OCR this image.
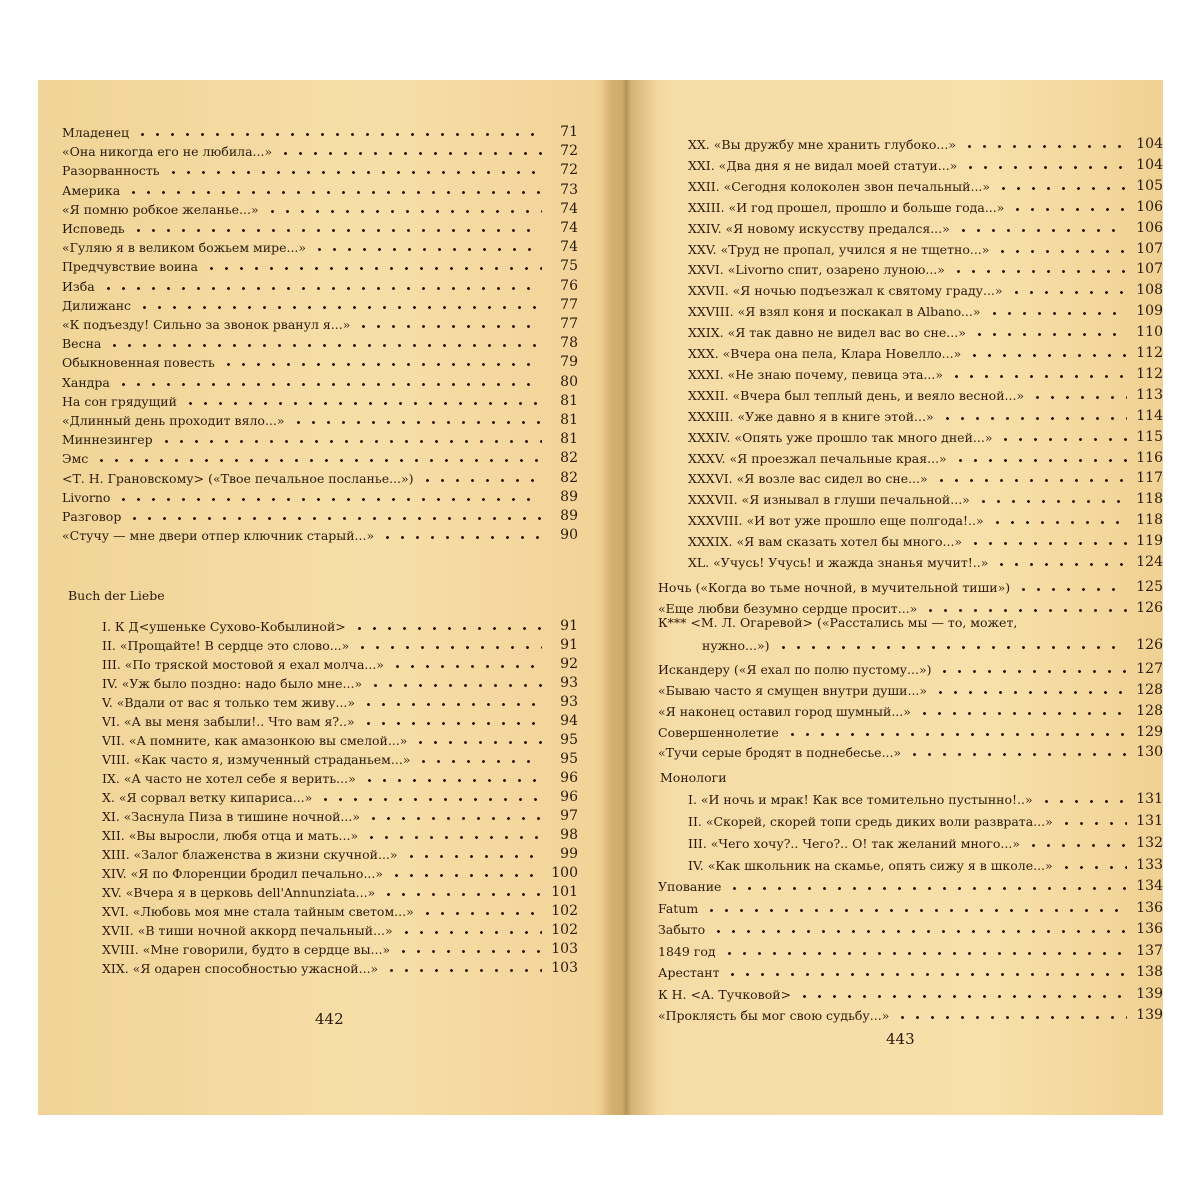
Buch der Liebe
442
Младенец	71
«Она никогда его не любила...»	72
Разорванность	72
Америка	73
«Я помню робкое желанье...»	74
Исповедь	74
«Гуляю я в великом божьем мире...»	74
Предчувствие воина	75
Изба	76
Дилижанс	77
«К подъезду! Сильно за звонок рванул я...»	77
Весна	78
Обыкновенная повесть	79
Хандра	80
На сон грядущий	81
«Длинный день проходит вяло...»	81
Миннезингер	81
Эмс	82
<Т. Н. Грановскому> («Твое печальное посланье...»)	82
Livorno	89
Разговор	89
«Стучу — мне двери отпер ключник старый...»	90
I. К Д<ушеньке Сухово-Кобылиной>	91
II. «Прощайте! В сердце это слово...»	91
III. «По тряской мостовой я ехал молча...»	92
IV. «Уж было поздно: надо было мне...»	93
V. «Вдали от вас я только тем живу...»	93
VI. «А вы меня забыли!.. Что вам я?..»	94
VII. «А помните, как амазонкою вы смелой...»	95
VIII. «Как часто я, измученный страданьем...»	95
IX. «А часто не хотел себе я верить...»	96
X. «Я сорвал ветку кипариса...»	96
XI. «Заснула Пиза в тишине ночной...»	97
XII. «Вы выросли, любя отца и мать...»	98
XIII. «Залог блаженства в жизни скучной...»	99
XIV. «Я по Флоренции бродил печально...»	100
XV. «Вчера я в церковь dell'Annunziata...»	101
XVI. «Любовь моя мне стала тайным светом...»	102
XVII. «В тиши ночной аккорд печальный...»	102
XVIII. «Мне говорили, будто в сердце вы...»	103
XIX. «Я одарен способностью ужасной...»	103
Монологи
443
XX. «Вы дружбу мне хранить глубоко...»	104
XXI. «Два дня я не видал моей статуи...»	104
XXII. «Сегодня колоколен звон печальный...»	105
XXIII. «И год прошел, прошло и больше года...»	106
XXIV. «Я новому искусству предался...»	106
XXV. «Труд не пропал, учился я не тщетно...»	107
XXVI. «Livorno спит, озарено луною...»	107
XXVII. «Я ночью подъезжал к святому граду...»	108
XXVIII. «Я взял коня и поскакал в Albano...»	109
XXIX. «Я так давно не видел вас во сне...»	110
XXX. «Вчера она пела, Клара Новелло...»	112
XXXI. «Не знаю почему, певица эта...»	112
XXXII. «Вчера был теплый день, и веяло весной...»	113
XXXIII. «Уже давно я в книге этой...»	114
XXXIV. «Опять уже прошло так много дней...»	115
XXXV. «Я проезжал печальные края...»	116
XXXVI. «Я возле вас сидел во сне...»	117
XXXVII. «Я изнывал в глуши печальной...»	118
XXXVIII. «И вот уже прошло еще полгода!..»	118
XXXIX. «Я вам сказать хотел бы много...»	119
XL. «Учусь! Учусь! и жажда знанья мучит!..»	124
Ночь («Когда во тьме ночной, в мучительной тиши»)	125
«Еще любви безумно сердце просит...»	126
К*** <М. Л. Огаревой> («Расстались мы — то, может,
нужно...»)	126
Искандеру («Я ехал по полю пустому...»)	127
«Бываю часто я смущен внутри души...»	128
«Я наконец оставил город шумный...»	128
Совершеннолетие	129
«Тучи серые бродят в поднебесье...»	130
I. «И ночь и мрак! Как все томительно пустынно!..»	131
II. «Скорей, скорей топи средь диких воли разврата...»	131
III. «Чего хочу?.. Чего?.. О! так желаний много...»	132
IV. «Как школьник на скамье, опять сижу я в школе...»	133
Упование	134
Fatum	136
Забыто	136
1849 год	137
Арестант	138
К Н. <А. Тучковой>	139
«Проклясть бы мог свою судьбу...»	139
